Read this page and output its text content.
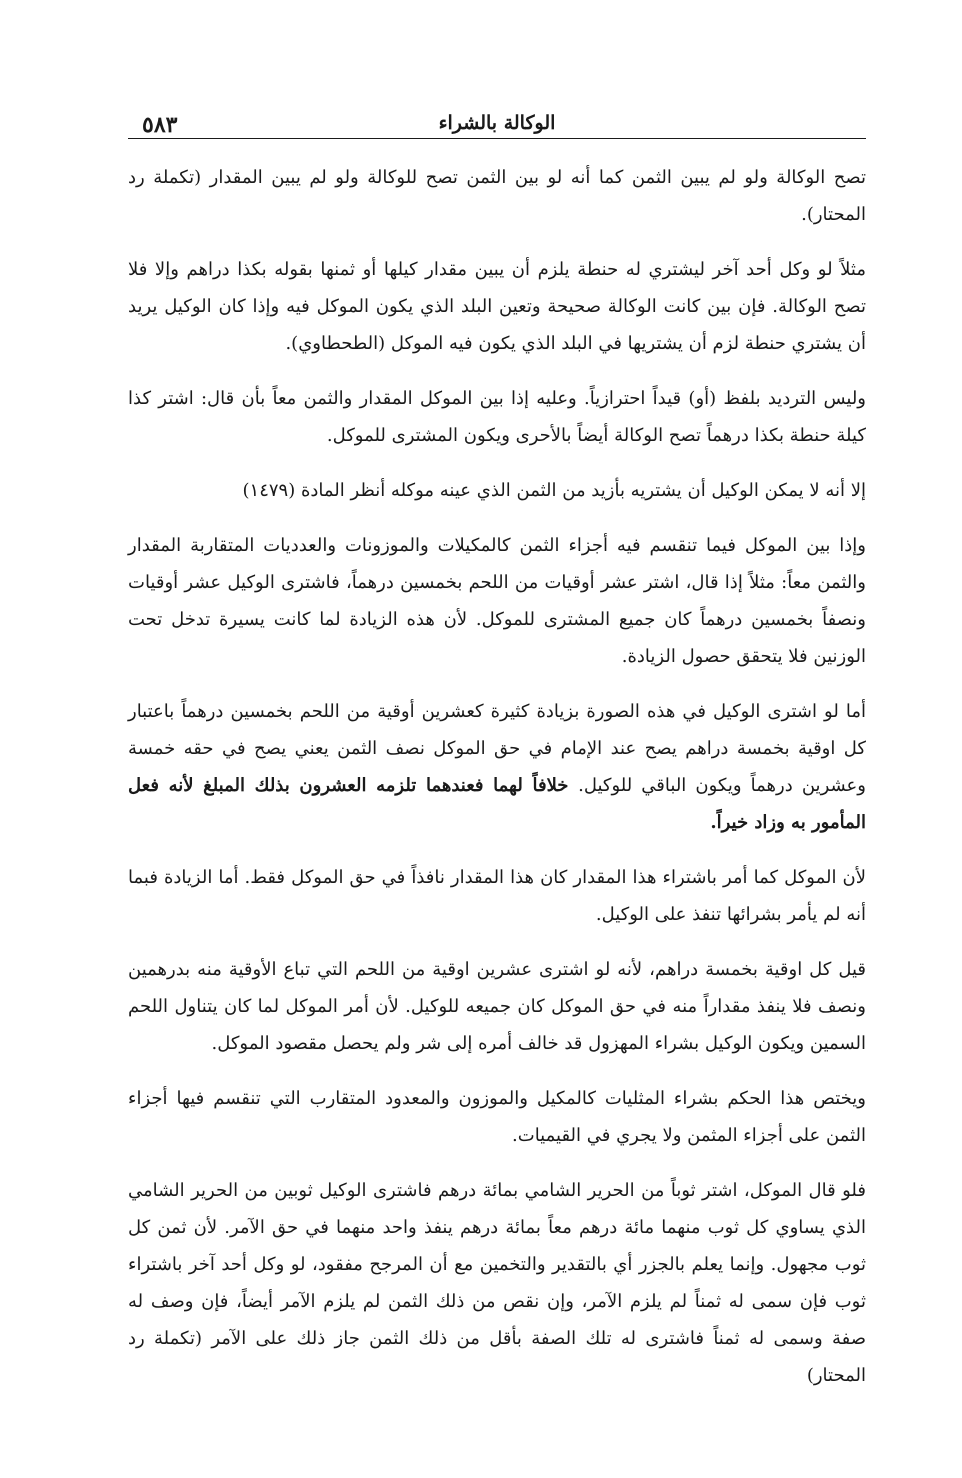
٥٨٣	الوكالة بالشراء

تصح الوكالة ولو لم يبين الثمن كما أنه لو بين الثمن تصح للوكالة ولو لم يبين المقدار (تكملة رد المحتار).

مثلاً لو وكل أحد آخر ليشتري له حنطة يلزم أن يبين مقدار كيلها أو ثمنها بقوله بكذا دراهم وإلا فلا تصح الوكالة. فإن بين كانت الوكالة صحيحة وتعين البلد الذي يكون الموكل فيه وإذا كان الوكيل يريد أن يشتري حنطة لزم أن يشتريها في البلد الذي يكون فيه الموكل (الطحطاوي).

وليس الترديد بلفظ (أو) قيداً احترازياً. وعليه إذا بين الموكل المقدار والثمن معاً بأن قال: اشتر كذا كيلة حنطة بكذا درهماً تصح الوكالة أيضاً بالأحرى ويكون المشترى للموكل.

إلا أنه لا يمكن الوكيل أن يشتريه بأزيد من الثمن الذي عينه موكله أنظر المادة (١٤٧٩)

وإذا بين الموكل فيما تنقسم فيه أجزاء الثمن كالمكيلات والموزونات والعدديات المتقاربة المقدار والثمن معاً: مثلاً إذا قال، اشتر عشر أوقيات من اللحم بخمسين درهماً، فاشترى الوكيل عشر أوقيات ونصفاً بخمسين درهماً كان جميع المشترى للموكل. لأن هذه الزيادة لما كانت يسيرة تدخل تحت الوزنين فلا يتحقق حصول الزيادة.

أما لو اشترى الوكيل في هذه الصورة بزيادة كثيرة كعشرين أوقية من اللحم بخمسين درهماً باعتبار كل اوقية بخمسة دراهم يصح عند الإمام في حق الموكل نصف الثمن يعني يصح في حقه خمسة وعشرين درهماً ويكون الباقي للوكيل. خلافاً لهما فعندهما تلزمه العشرون بذلك المبلغ لأنه فعل المأمور به وزاد خيراً.

لأن الموكل كما أمر باشتراء هذا المقدار كان هذا المقدار نافذاً في حق الموكل فقط. أما الزيادة فبما أنه لم يأمر بشرائها تنفذ على الوكيل.

قيل كل اوقية بخمسة دراهم، لأنه لو اشترى عشرين اوقية من اللحم التي تباع الأوقية منه بدرهمين ونصف فلا ينفذ مقداراً منه في حق الموكل كان جميعه للوكيل. لأن أمر الموكل لما كان يتناول اللحم السمين ويكون الوكيل بشراء المهزول قد خالف أمره إلى شر ولم يحصل مقصود الموكل.

ويختص هذا الحكم بشراء المثليات كالمكيل والموزون والمعدود المتقارب التي تنقسم فيها أجزاء الثمن على أجزاء المثمن ولا يجري في القيميات.

فلو قال الموكل، اشتر ثوباً من الحرير الشامي بمائة درهم فاشترى الوكيل ثوبين من الحرير الشامي الذي يساوي كل ثوب منهما مائة درهم معاً بمائة درهم ينفذ واحد منهما في حق الآمر. لأن ثمن كل ثوب مجهول. وإنما يعلم بالجزر أي بالتقدير والتخمين مع أن المرجح مفقود، لو وكل أحد آخر باشتراء ثوب فإن سمى له ثمناً لم يلزم الآمر، وإن نقص من ذلك الثمن لم يلزم الآمر أيضاً، فإن وصف له صفة وسمى له ثمناً فاشترى له تلك الصفة بأقل من ذلك الثمن جاز ذلك على الآمر (تكملة رد المحتار)
